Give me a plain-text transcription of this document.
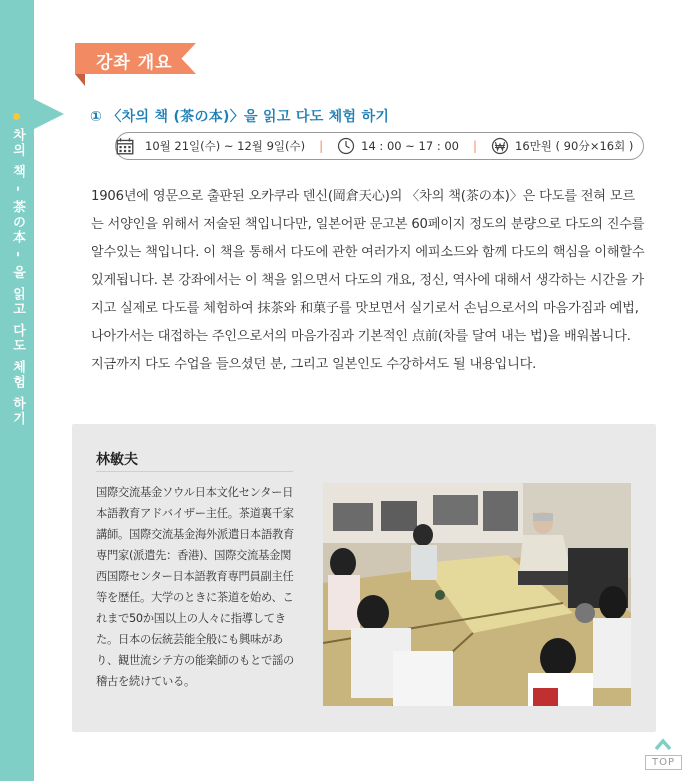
차의 책 - 茶の本 - 을 읽고 다도 체험 하기
강좌 개요
① 〈차의 책 (茶の本)〉을 읽고 다도 체험 하기
10월 21일(수) ~ 12월 9일(수) |	14 : 00 ~ 17 : 00 |	16만원 ( 90分×16회 )

1906년에 영문으로 출판된 오카쿠라 덴신(岡倉天心)의 〈차의 책(茶の本)〉은 다도를 전혀 모르는 서양인을 위해서 저술된 책입니다만, 일본어판 문고본 60페이지 정도의 분량으로 다도의 진수를 알수있는 책입니다. 이 책을 통해서 다도에 관한 여러가지 에피소드와 함께 다도의 핵심을 이해할수있게됩니다. 본 강좌에서는 이 책을 읽으면서 다도의 개요, 정신, 역사에 대해서 생각하는 시간을 가지고 실제로 다도를 체험하여 抹茶와 和菓子를 맛보면서 실기로서 손님으로서의 마음가짐과 예법, 나아가서는 대접하는 주인으로서의 마음가짐과 기본적인 点前(차를 달여 내는 법)을 배워봅니다. 지금까지 다도 수업을 들으셨던 분, 그리고 일본인도 수강하셔도 될 내용입니다.

林敏夫

国際交流基金ソウル日本文化センター日本語教育アドバイザー主任。茶道裏千家講師。国際交流基金海外派遣日本語教育専門家(派遣先：香港)、国際交流基金関西国際センター日本語教育専門員副主任等を歴任。大学のときに茶道を始め、これまで50か国以上の人々に指導してきた。日本の伝統芸能全般にも興味があり、観世流シテ方の能楽師のもとで謡の稽古を続けている。

TOP
